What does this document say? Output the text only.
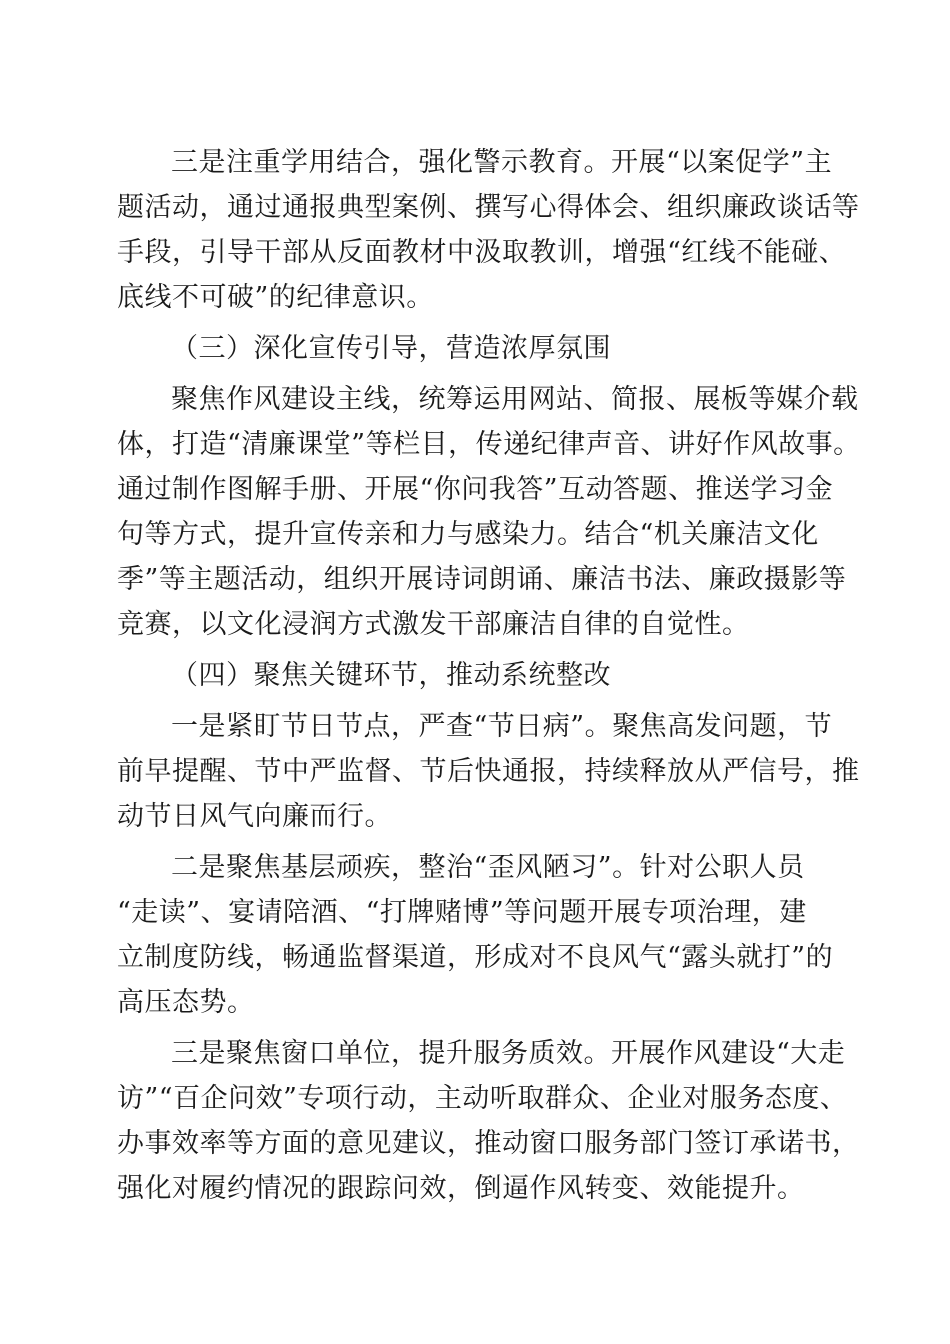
三是注重学用结合，强化警示教育。开展“以案促学”主
题活动，通过通报典型案例、撰写心得体会、组织廉政谈话等
手段，引导干部从反面教材中汲取教训，增强“红线不能碰、
底线不可破”的纪律意识。
（三）深化宣传引导，营造浓厚氛围
聚焦作风建设主线，统筹运用网站、简报、展板等媒介载
体，打造“清廉课堂”等栏目，传递纪律声音、讲好作风故事。
通过制作图解手册、开展“你问我答”互动答题、推送学习金
句等方式，提升宣传亲和力与感染力。结合“机关廉洁文化
季”等主题活动，组织开展诗词朗诵、廉洁书法、廉政摄影等
竞赛，以文化浸润方式激发干部廉洁自律的自觉性。
（四）聚焦关键环节，推动系统整改
一是紧盯节日节点，严查“节日病”。聚焦高发问题，节
前早提醒、节中严监督、节后快通报，持续释放从严信号，推
动节日风气向廉而行。
二是聚焦基层顽疾，整治“歪风陋习”。针对公职人员
“走读”、宴请陪酒、“打牌赌博”等问题开展专项治理，建
立制度防线，畅通监督渠道，形成对不良风气“露头就打”的
高压态势。
三是聚焦窗口单位，提升服务质效。开展作风建设“大走
访”“百企问效”专项行动，主动听取群众、企业对服务态度、
办事效率等方面的意见建议，推动窗口服务部门签订承诺书，
强化对履约情况的跟踪问效，倒逼作风转变、效能提升。
